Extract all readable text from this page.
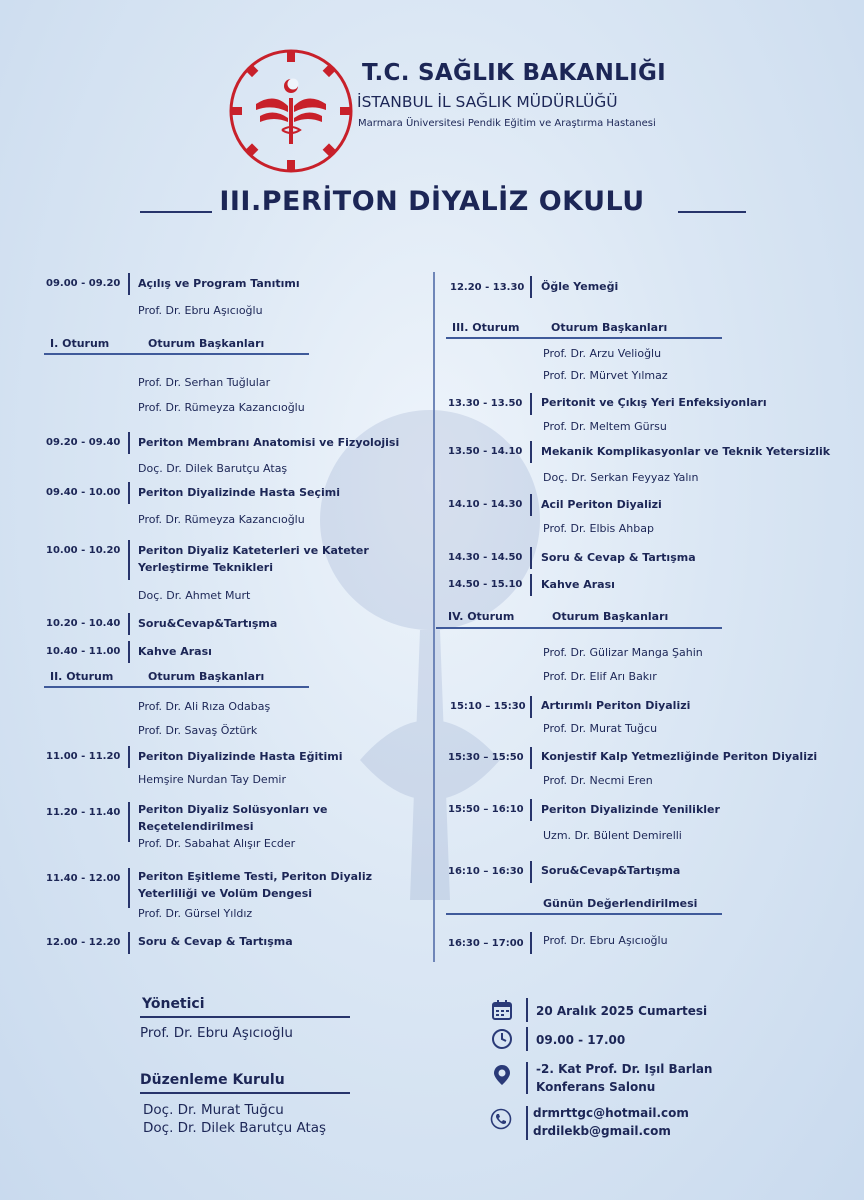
T.C. SAĞLIK BAKANLIĞI
İSTANBUL İL SAĞLIK MÜDÜRLÜĞÜ
Marmara Üniversitesi Pendik Eğitim ve Araştırma Hastanesi
III.PERİTON DİYALİZ OKULU
09.00 - 09.20 Açılış ve Program Tanıtımı
Prof. Dr. Ebru Aşıcıoğlu
I. Oturum	Oturum Başkanları
Prof. Dr. Serhan Tuğlular
Prof. Dr. Rümeyza Kazancıoğlu
09.20 - 09.40 Periton Membranı Anatomisi ve Fizyolojisi
Doç. Dr. Dilek Barutçu Ataş
09.40 - 10.00 Periton Diyalizinde Hasta Seçimi
Prof. Dr. Rümeyza Kazancıoğlu
10.00 - 10.20 Periton Diyaliz Kateterleri ve Kateter
Yerleştirme Teknikleri
Doç. Dr. Ahmet Murt
10.20 - 10.40 Soru&Cevap&Tartışma
10.40 - 11.00 Kahve Arası
II. Oturum	Oturum Başkanları
Prof. Dr. Ali Rıza Odabaş
Prof. Dr. Savaş Öztürk
11.00 - 11.20 Periton Diyalizinde Hasta Eğitimi
Hemşire Nurdan Tay Demir
11.20 - 11.40 Periton Diyaliz Solüsyonları ve
Reçetelendirilmesi
Prof. Dr. Sabahat Alışır Ecder
11.40 - 12.00 Periton Eşitleme Testi, Periton Diyaliz
Yeterliliği ve Volüm Dengesi
Prof. Dr. Gürsel Yıldız
12.00 - 12.20 Soru & Cevap & Tartışma
12.20 - 13.30 Öğle Yemeği
III. Oturum	Oturum Başkanları
Prof. Dr. Arzu Velioğlu
Prof. Dr. Mürvet Yılmaz
13.30 - 13.50 Peritonit ve Çıkış Yeri Enfeksiyonları
Prof. Dr. Meltem Gürsu
13.50 - 14.10 Mekanik Komplikasyonlar ve Teknik Yetersizlik
Doç. Dr. Serkan Feyyaz Yalın
14.10 - 14.30 Acil Periton Diyalizi
Prof. Dr. Elbis Ahbap
14.30 - 14.50 Soru & Cevap & Tartışma
14.50 - 15.10 Kahve Arası
IV. Oturum	Oturum Başkanları
Prof. Dr. Gülizar Manga Şahin
Prof. Dr. Elif Arı Bakır
15:10 – 15:30 Artırımlı Periton Diyalizi
Prof. Dr. Murat Tuğcu
15:30 – 15:50 Konjestif Kalp Yetmezliğinde Periton Diyalizi
Prof. Dr. Necmi Eren
15:50 – 16:10 Periton Diyalizinde Yenilikler
Uzm. Dr. Bülent Demirelli
16:10 – 16:30 Soru&Cevap&Tartışma
Günün Değerlendirilmesi
16:30 – 17:00 Prof. Dr. Ebru Aşıcıoğlu
Yönetici
Prof. Dr. Ebru Aşıcıoğlu
Düzenleme Kurulu
Doç. Dr. Murat Tuğcu
Doç. Dr. Dilek Barutçu Ataş
20 Aralık 2025 Cumartesi
09.00 - 17.00
-2. Kat Prof. Dr. Işıl Barlan
Konferans Salonu
drmrttgc@hotmail.com
drdilekb@gmail.com
